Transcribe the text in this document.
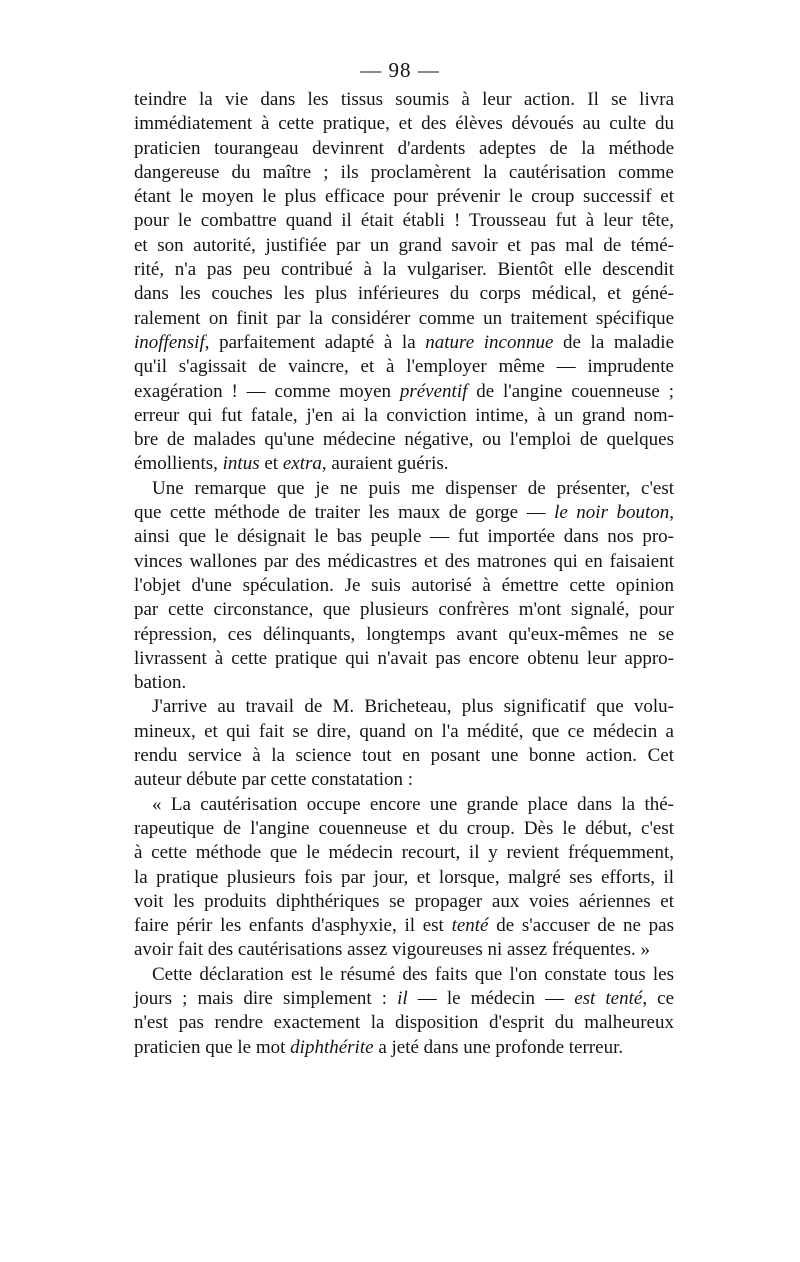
— 98 —
teindre la vie dans les tissus soumis à leur action. Il se livra
immédiatement à cette pratique, et des élèves dévoués au culte du
praticien tourangeau devinrent d'ardents adeptes de la méthode
dangereuse du maître ; ils proclamèrent la cautérisation comme
étant le moyen le plus efficace pour prévenir le croup successif et
pour le combattre quand il était établi ! Trousseau fut à leur tête,
et son autorité, justifiée par un grand savoir et pas mal de témé-
rité, n'a pas peu contribué à la vulgariser. Bientôt elle descendit
dans les couches les plus inférieures du corps médical, et géné-
ralement on finit par la considérer comme un traitement spécifique
inoffensif, parfaitement adapté à la nature inconnue de la maladie
qu'il s'agissait de vaincre, et à l'employer même — imprudente
exagération ! — comme moyen préventif de l'angine couenneuse ;
erreur qui fut fatale, j'en ai la conviction intime, à un grand nom-
bre de malades qu'une médecine négative, ou l'emploi de quelques
émollients, intus et extra, auraient guéris.
Une remarque que je ne puis me dispenser de présenter, c'est
que cette méthode de traiter les maux de gorge — le noir bouton,
ainsi que le désignait le bas peuple — fut importée dans nos pro-
vinces wallones par des médicastres et des matrones qui en faisaient
l'objet d'une spéculation. Je suis autorisé à émettre cette opinion
par cette circonstance, que plusieurs confrères m'ont signalé, pour
répression, ces délinquants, longtemps avant qu'eux-mêmes ne se
livrassent à cette pratique qui n'avait pas encore obtenu leur appro-
bation.
J'arrive au travail de M. Bricheteau, plus significatif que volu-
mineux, et qui fait se dire, quand on l'a médité, que ce médecin a
rendu service à la science tout en posant une bonne action. Cet
auteur débute par cette constatation :
« La cautérisation occupe encore une grande place dans la thé-
rapeutique de l'angine couenneuse et du croup. Dès le début, c'est
à cette méthode que le médecin recourt, il y revient fréquemment,
la pratique plusieurs fois par jour, et lorsque, malgré ses efforts, il
voit les produits diphthériques se propager aux voies aériennes et
faire périr les enfants d'asphyxie, il est tenté de s'accuser de ne pas
avoir fait des cautérisations assez vigoureuses ni assez fréquentes. »
Cette déclaration est le résumé des faits que l'on constate tous les
jours ; mais dire simplement : il — le médecin — est tenté, ce
n'est pas rendre exactement la disposition d'esprit du malheureux
praticien que le mot diphthérite a jeté dans une profonde terreur.
